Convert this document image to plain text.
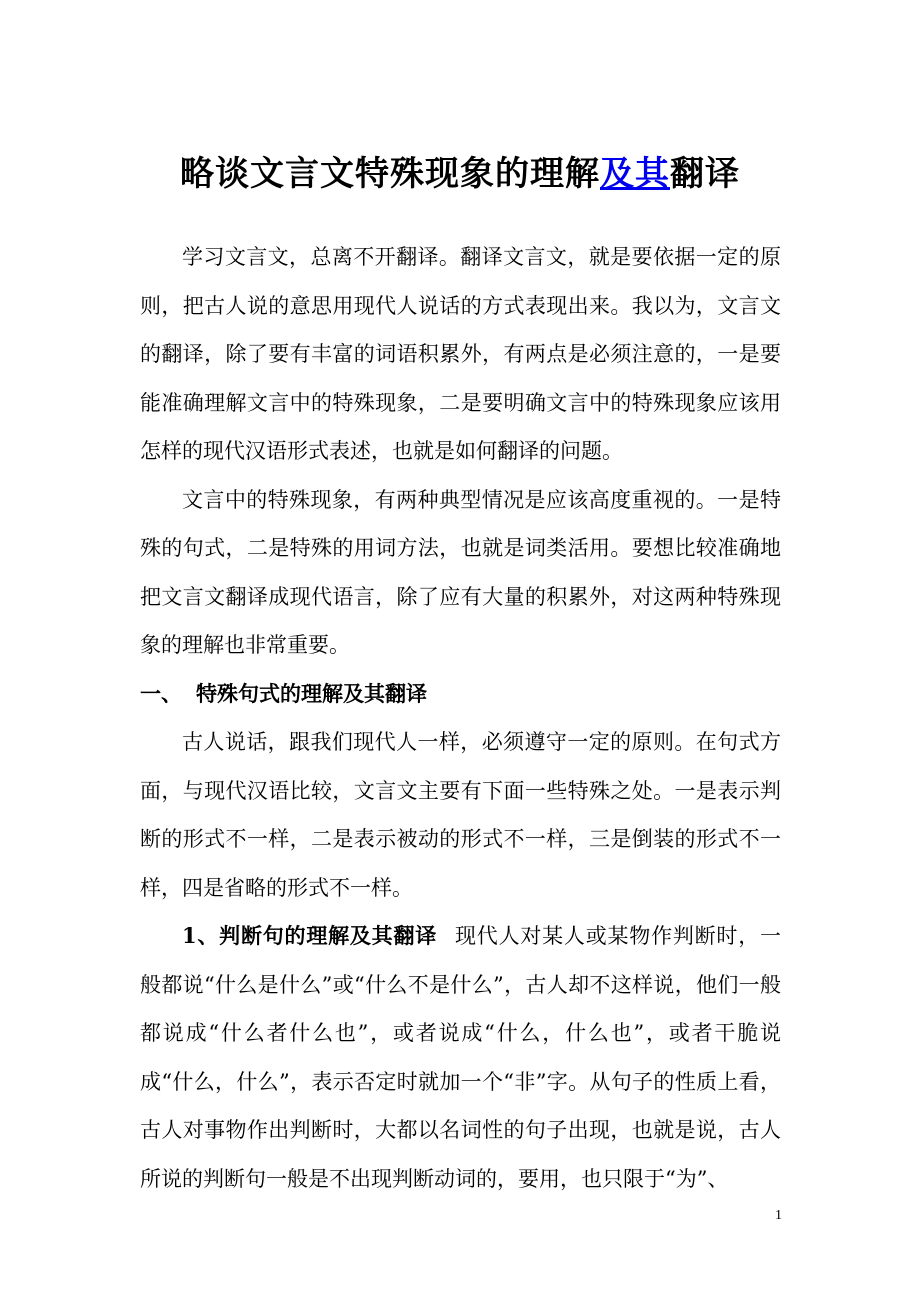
略谈文言文特殊现象的理解及其翻译

学习文言文，总离不开翻译。翻译文言文，就是要依据一定的原则，把古人说的意思用现代人说话的方式表现出来。我以为，文言文的翻译，除了要有丰富的词语积累外，有两点是必须注意的，一是要能准确理解文言中的特殊现象，二是要明确文言中的特殊现象应该用怎样的现代汉语形式表述，也就是如何翻译的问题。

文言中的特殊现象，有两种典型情况是应该高度重视的。一是特殊的句式，二是特殊的用词方法，也就是词类活用。要想比较准确地把文言文翻译成现代语言，除了应有大量的积累外，对这两种特殊现象的理解也非常重要。

一、 特殊句式的理解及其翻译

古人说话，跟我们现代人一样，必须遵守一定的原则。在句式方面，与现代汉语比较，文言文主要有下面一些特殊之处。一是表示判断的形式不一样，二是表示被动的形式不一样，三是倒装的形式不一样，四是省略的形式不一样。

1、判断句的理解及其翻译 现代人对某人或某物作判断时，一般都说“什么是什么”或“什么不是什么”，古人却不这样说，他们一般都说成“什么者什么也”，或者说成“什么，什么也”，或者干脆说成“什么，什么”，表示否定时就加一个“非”字。从句子的性质上看，古人对事物作出判断时，大都以名词性的句子出现，也就是说，古人所说的判断句一般是不出现判断动词的，要用，也只限于“为”、

1
